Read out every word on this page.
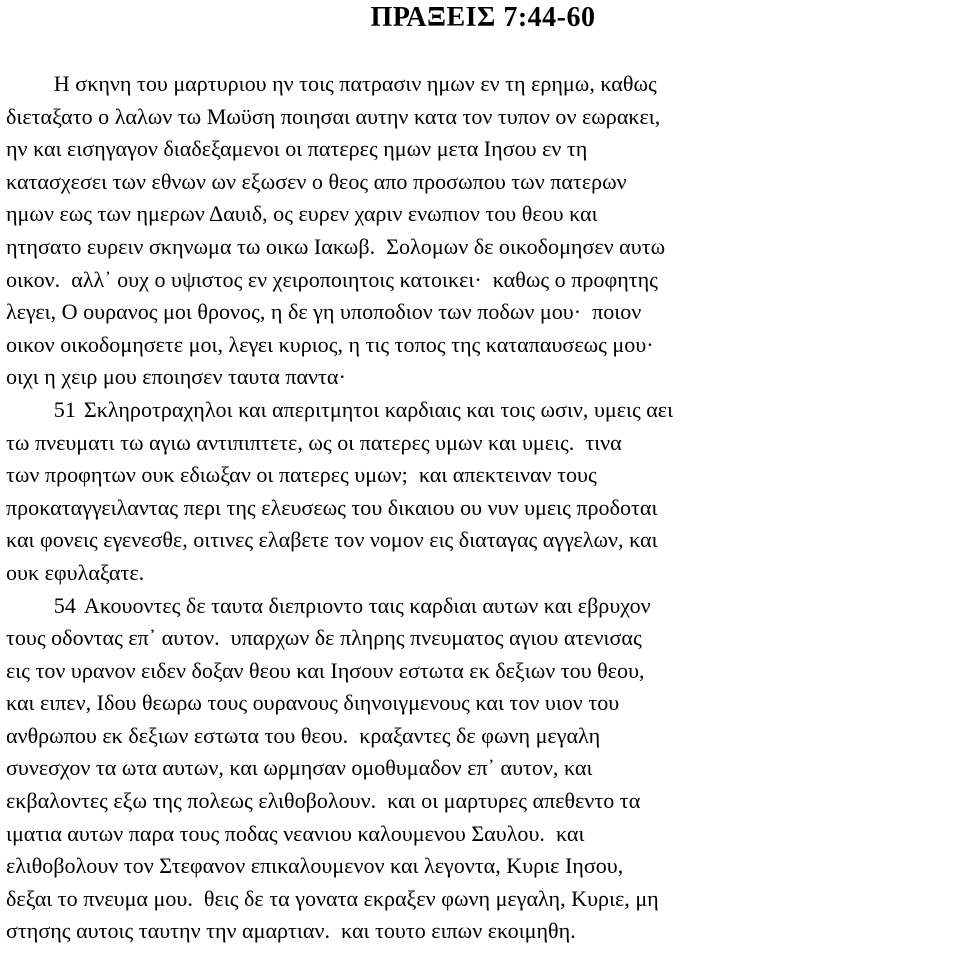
ΠΡΑΞΕΙΣ 7:44-60
Η σκηνη του μαρτυριου ην τοις πατρασιν ημων εν τη ερημω, καθως
διεταξατο ο λαλων τω Μωϋση ποιησαι αυτην κατα τον τυπον ον εωρακει,
ην και εισηγαγον διαδεξαμενοι οι πατερες ημων μετα Ιησου εν τη
κατασχεσει των εθνων ων εξωσεν ο θεος απο προσωπου των πατερων
ημων εως των ημερων Δαυιδ, ος ευρεν χαριν ενωπιον του θεου και
ητησατο ευρειν σκηνωμα τω οικω Ιακωβ.  Σολομων δε οικοδομησεν αυτω
οικον.  αλλ᾽ ουχ ο υψιστος εν χειροποιητοις κατοικει·  καθως ο προφητης
λεγει, Ο ουρανος μοι θρονος, η δε γη υποποδιον των ποδων μου·  ποιον
οικον οικοδομησετε μοι, λεγει κυριος, η τις τοπος της καταπαυσεως μου·
οιχι η χειρ μου εποιησεν ταυτα παντα·
51 Σκληροτραχηλοι και απεριτμητοι καρδιαις και τοις ωσιν, υμεις αει
τω πνευματι τω αγιω αντιπιπτετε, ως οι πατερες υμων και υμεις.  τινα
των προφητων ουκ εδιωξαν οι πατερες υμων;  και απεκτειναν τους
προκαταγγειλαντας περι της ελευσεως του δικαιου ου νυν υμεις προδοται
και φονεις εγενεσθε, οιτινες ελαβετε τον νομον εις διαταγας αγγελων, και
ουκ εφυλαξατε.
54 Ακουοντες δε ταυτα διεπριοντο ταις καρδιαι αυτων και εβρυχον
τους οδοντας επ᾽ αυτον.  υπαρχων δε πληρης πνευματος αγιου ατενισας
εις τον υρανον ειδεν δοξαν θεου και Ιησουν εστωτα εκ δεξιων του θεου,
και ειπεν, Ιδου θεωρω τους ουρανους διηνοιγμενους και τον υιον του
ανθρωπου εκ δεξιων εστωτα του θεου.  κραξαντες δε φωνη μεγαλη
συνεσχον τα ωτα αυτων, και ωρμησαν ομοθυμαδον επ᾽ αυτον, και
εκβαλοντες εξω της πολεως ελιθοβολουν.  και οι μαρτυρες απεθεντο τα
ιματια αυτων παρα τους ποδας νεανιου καλουμενου Σαυλου.  και
ελιθοβολουν τον Στεφανον επικαλουμενον και λεγοντα, Κυριε Ιησου,
δεξαι το πνευμα μου.  θεις δε τα γονατα εκραξεν φωνη μεγαλη, Κυριε, μη
στησης αυτοις ταυτην την αμαρτιαν.  και τουτο ειπων εκοιμηθη.
